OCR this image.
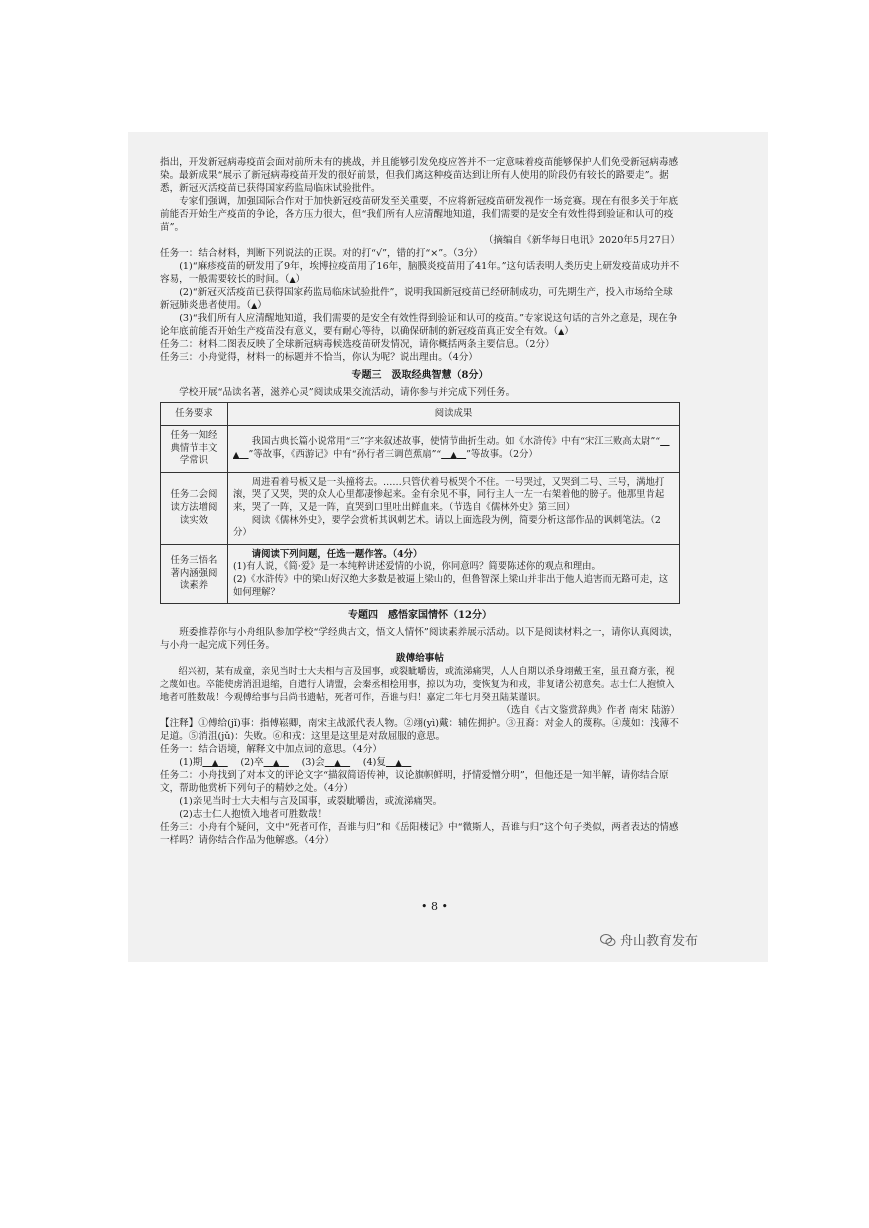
指出，开发新冠病毒疫苗会面对前所未有的挑战，并且能够引发免疫应答并不一定意味着疫苗能够保护人们免受新冠病毒感染。最新成果“展示了新冠病毒疫苗开发的很好前景，但我们离这种疫苗达到让所有人使用的阶段仍有较长的路要走”。据悉，新冠灭活疫苗已获得国家药监局临床试验批件。

专家们强调，加强国际合作对于加快新冠疫苗研发至关重要，不应将新冠疫苗研发视作一场竞赛。现在有很多关于年底前能否开始生产疫苗的争论，各方压力很大，但“我们所有人应清醒地知道，我们需要的是安全有效性得到验证和认可的疫苗”。

（摘编自《新华每日电讯》2020年5月27日）

任务一：结合材料，判断下列说法的正误。对的打“√”，错的打“×”。（3分）

(1)“麻疹疫苗的研发用了9年，埃博拉疫苗用了16年，脑膜炎疫苗用了41年。”这句话表明人类历史上研发疫苗成功并不容易，一般需要较长的时间。（▲）

(2)“新冠灭活疫苗已获得国家药监局临床试验批件”，说明我国新冠疫苗已经研制成功，可先期生产，投入市场给全球新冠肺炎患者使用。（▲）

(3)“我们所有人应清醒地知道，我们需要的是安全有效性得到验证和认可的疫苗。”专家说这句话的言外之意是，现在争论年底前能否开始生产疫苗没有意义，要有耐心等待，以确保研制的新冠疫苗真正安全有效。（▲）

任务二：材料二图表反映了全球新冠病毒候选疫苗研发情况，请你概括两条主要信息。（2分）

任务三：小舟觉得，材料一的标题并不恰当，你认为呢？说出理由。（4分）

专题三　汲取经典智慧（8分）

学校开展“品读名著，滋养心灵”阅读成果交流活动，请你参与并完成下列任务。

任务要求	阅读成果
任务一知经典情节丰文学常识	我国古典长篇小说常用“三”字来叙述故事，使情节曲折生动。如《水浒传》中有“宋江三败高太尉”“　▲　 ”等故事，《西游记》中有“孙行者三调芭蕉扇”“　 ▲　 ”等故事。（2分）
任务二会阅读方法增阅读实效	周进看着号板又是一头撞将去。……只管伏着号板哭个不住。一号哭过，又哭到二号、三号，满地打滚，哭了又哭，哭的众人心里都凄惨起来。金有余见不事，同行主人一左一右架着他的膀子。他那里肯起来，哭了一阵，又是一阵，直哭到口里吐出鲜血来。（节选自《儒林外史》第三回）

阅读《儒林外史》，要学会赏析其讽刺艺术。请以上面选段为例，简要分析这部作品的讽刺笔法。（2分）

任务三悟名著内涵强阅读素养	请阅读下列问题，任选一题作答。（4分）

(1)有人说，《简·爱》是一本纯粹讲述爱情的小说，你同意吗？简要陈述你的观点和理由。

(2)《水浒传》中的梁山好汉绝大多数是被逼上梁山的，但鲁智深上梁山并非出于他人追害而无路可走，这如何理解？

专题四　感悟家国情怀（12分）

班委推荐你与小舟组队参加学校“学经典古文，悟文人情怀”阅读素养展示活动。以下是阅读材料之一，请你认真阅读，与小舟一起完成下列任务。

跋傅给事帖

绍兴初，某有成童，亲见当时士大夫相与言及国事，或裂眦嚼齿，或流涕痛哭，人人自期以杀身翊戴王室，虽丑裔方张，视之蔑如也。卒能使虏消沮退缩，自遣行人请盟，会秦丞相桧用事，掠以为功，变恢复为和戎，非复诸公初意矣。志士仁人抱愤入地者可胜数哉！今观傅给事与吕尚书遗帖，死者可作，吾谁与归！嘉定二年七月癸丑陆某谨识。

（选自《古文鉴赏辞典》作者 南宋 陆游）

【注释】①傅给(jǐ)事：指傅崧卿，南宋主战派代表人物。②翊(yì)戴：辅佐拥护。③丑裔：对金人的蔑称。④蔑如：浅薄不足道。⑤消沮(jǔ)：失败。⑥和戎：这里是这里是对敌屈服的意思。

任务一：结合语境，解释文中加点词的意思。（4分）

(1)期　 ▲　　 (2)卒　 ▲　　 (3)会　 ▲　　 (4)复　 ▲　

任务二：小舟找到了对本文的评论文字“描叙简语传神，议论旗帜鲜明，抒情爱憎分明”，但他还是一知半解，请你结合原文，帮助他赏析下列句子的精妙之处。（4分）

(1)亲见当时士大夫相与言及国事，或裂眦嚼齿，或流涕痛哭。

(2)志士仁人抱愤入地者可胜数哉！

任务三：小舟有个疑问，文中“死者可作，吾谁与归”和《岳阳楼记》中“微斯人，吾谁与归”这个句子类似，两者表达的情感一样吗？请你结合作品为他解惑。（4分）

• 8 •
舟山教育发布
